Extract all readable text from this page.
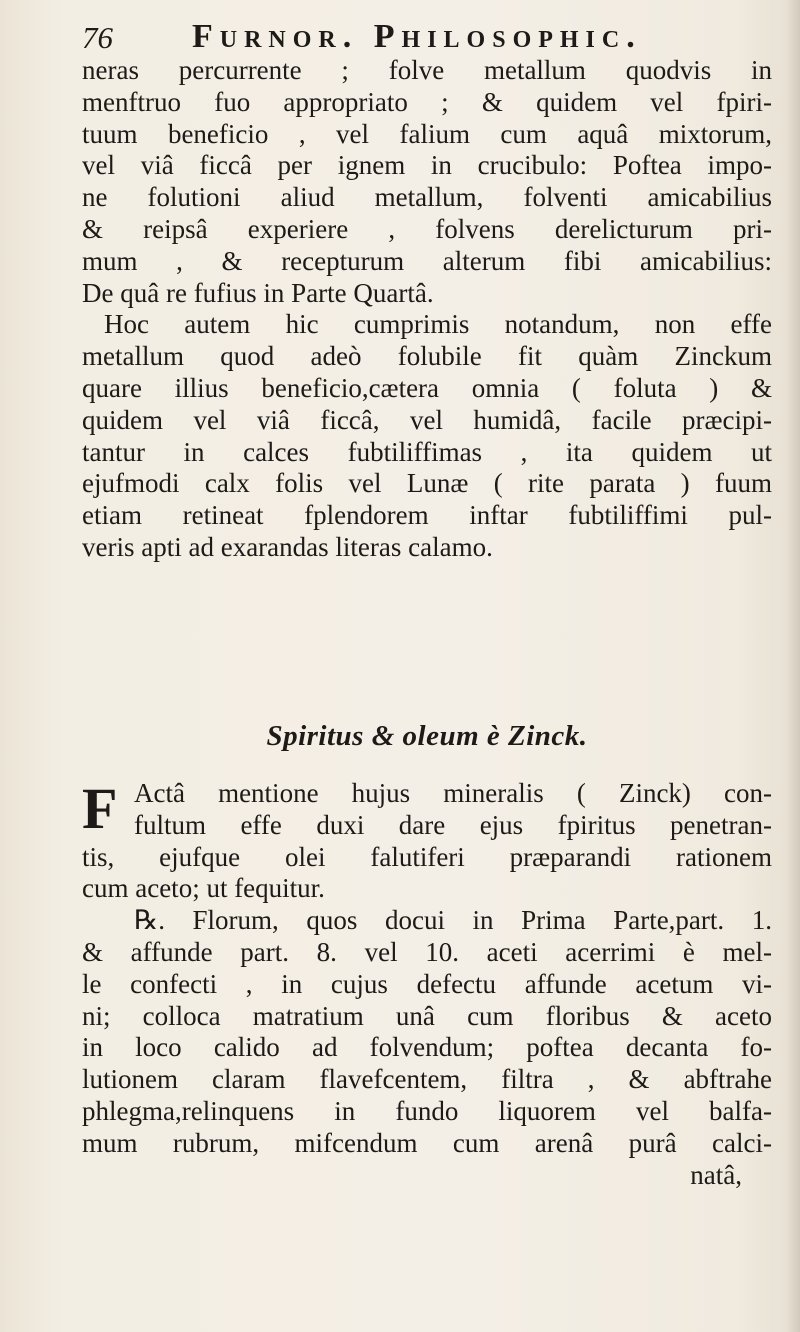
76 Furnor. Philosophic.
neras percurrente ; folve metallum quodvis in
menftruo fuo appropriato ; & quidem vel fpiri-
tuum beneficio , vel falium cum aquâ mixtorum,
vel viâ ficcâ per ignem in crucibulo: Poftea impo-
ne folutioni aliud metallum, folventi amicabilius
& reipsâ experiere , folvens derelicturum pri-
mum , & recepturum alterum fibi amicabilius:
De quâ re fufius in Parte Quartâ.
Hoc autem hic cumprimis notandum, non effe
metallum quod adeò folubile fit quàm Zinckum
quare illius beneficio,cætera omnia ( foluta ) &
quidem vel viâ ficcâ, vel humidâ, facile præcipi-
tantur in calces fubtiliffimas , ita quidem ut
ejufmodi calx folis vel Lunæ ( rite parata ) fuum
etiam retineat fplendorem inftar fubtiliffimi pul-
veris apti ad exarandas literas calamo.
Spiritus & oleum è Zinck.
F Actâ mentione hujus mineralis ( Zinck) con-
fultum effe duxi dare ejus fpiritus penetran-
tis, ejufque olei falutiferi præparandi rationem
cum aceto; ut fequitur.
℞. Florum, quos docui in Prima Parte,part. 1.
& affunde part. 8. vel 10. aceti acerrimi è mel-
le confecti , in cujus defectu affunde acetum vi-
ni; colloca matratium unâ cum floribus & aceto
in loco calido ad folvendum; poftea decanta fo-
lutionem claram flavefcentem, filtra , & abftrahe
phlegma,relinquens in fundo liquorem vel balfa-
mum rubrum, mifcendum cum arenâ purâ calci-
natâ,
